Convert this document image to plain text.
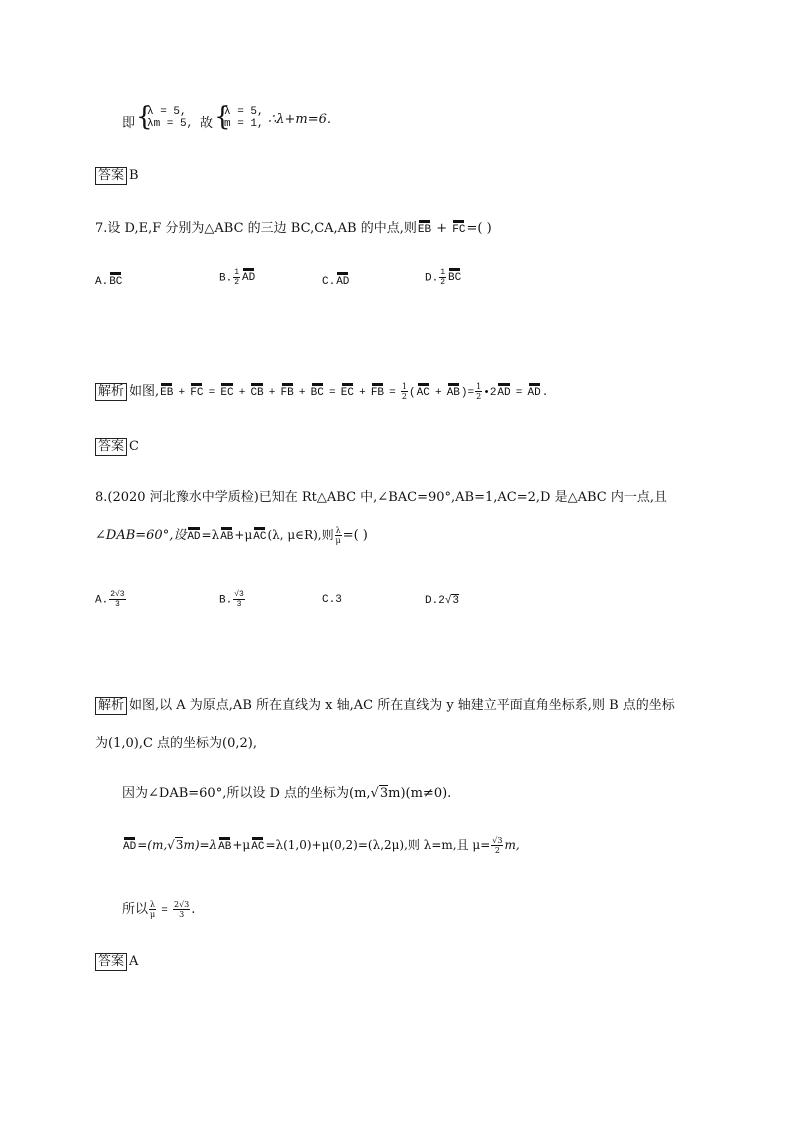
即 {
λ = 5,
λm = 5, 故 {
λ = 5,
m = 1, ∴λ+m=6.
答案 B
7.设 D,E,F 分别为△ABC 的三边 BC,CA,AB 的中点,则EB + FC=( )
A.BC	B. $\frac{1}{2}$ AD	C.AD	D. $\frac{1}{2}$ BC
解析 如图,EB + FC = EC + CB + FB + BC = EC + FB = $\frac{1}{2} (AC + AB)= \frac{1}{2}$ •2AD = AD.
答案 C
8.(2020 河北豫水中学质检)已知在 Rt△ABC 中,∠BAC=90°,AB=1,AC=2,D 是△ABC 内一点,且
∠DAB=60°,设AD=λAB+μAC(λ, μ∈R),则 $\frac{\lambda}{\mu}$ =( )
A. $\frac{2√3}{3}$	B. $\frac{√3}{3}$	C.3	D.2√3
解析 如图,以 A 为原点,AB 所在直线为 x 轴,AC 所在直线为 y 轴建立平面直角坐标系,则 B 点的坐标
为(1,0),C 点的坐标为(0,2),
因为∠DAB=60°,所以设 D 点的坐标为(m,√3m)(m≠0).
AD=(m,√3m)=λAB+μAC=λ(1,0)+μ(0,2)=(λ,2μ),则 λ=m,且 $\mu= \frac{√3}{2} m$,
所以 $\frac{\lambda}{\mu} = \frac{2√3}{3}$ .
答案 A
